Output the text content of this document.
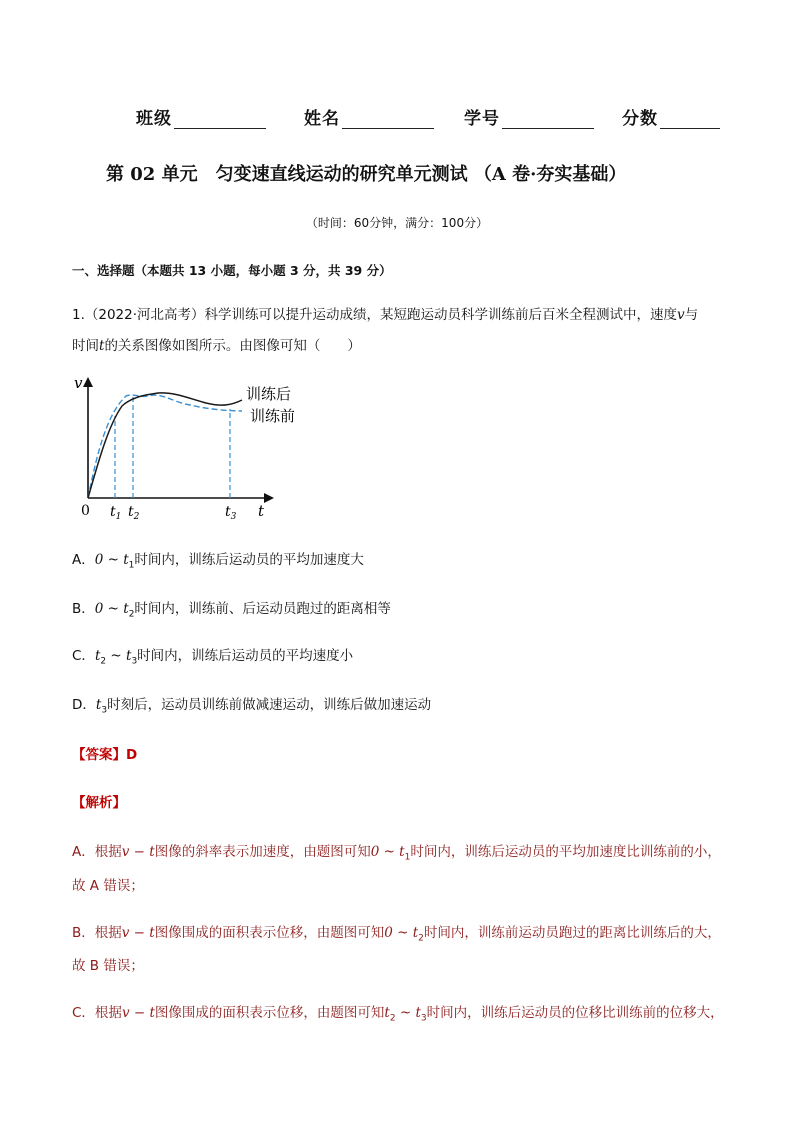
班级	姓名	学号	分数
第 02 单元　匀变速直线运动的研究单元测试 （A 卷·夯实基础）
（时间：60分钟，满分：100分）
一、选择题（本题共 13 小题，每小题 3 分，共 39 分）
1.（2022·河北高考）科学训练可以提升运动成绩，某短跑运动员科学训练前后百米全程测试中，速度v与
时间t的关系图像如图所示。由图像可知（　　）
v
t
0 $t_1$ $t_2$	$t_3$
训练后
训练前
A．0 ~ $t_1$时间内，训练后运动员的平均加速度大
B．0 ~ $t_2$时间内，训练前、后运动员跑过的距离相等
C．$t_2$ ~ $t_3$时间内，训练后运动员的平均速度小
D．$t_3$时刻后，运动员训练前做减速运动，训练后做加速运动
【答案】D
【解析】
A．根据v − t图像的斜率表示加速度，由题图可知0 ~ $t_1$时间内，训练后运动员的平均加速度比训练前的小，
故 A 错误；
B．根据v − t图像围成的面积表示位移，由题图可知0 ~ $t_2$时间内，训练前运动员跑过的距离比训练后的大，
故 B 错误；
C．根据v − t图像围成的面积表示位移，由题图可知$t_2$ ~ $t_3$时间内，训练后运动员的位移比训练前的位移大，
